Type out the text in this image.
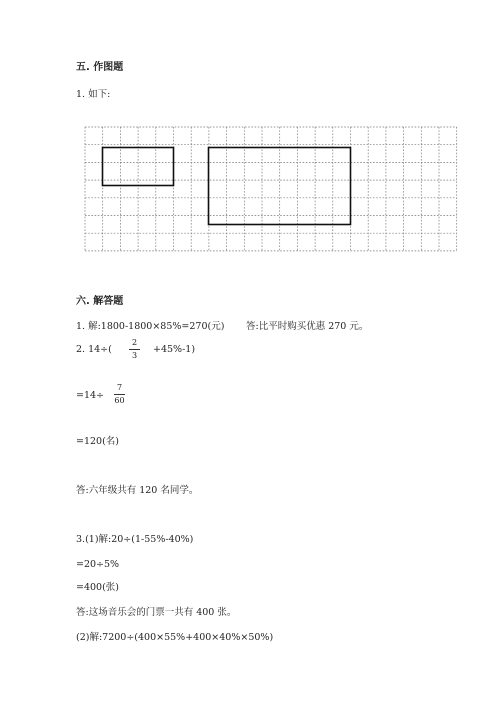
五. 作图题
1. 如下:
六. 解答题
1. 解:1800-1800×85%=270(元) 答:比平时购买优惠 270 元。
2. 14÷(
2
3
+45%-1)
=14÷
7
60
=120(名)
答:六年级共有 120 名同学。
3.(1)解:20÷(1-55%-40%)
=20÷5%
=400(张)
答:这场音乐会的门票一共有 400 张。
(2)解:7200÷(400×55%+400×40%×50%)
